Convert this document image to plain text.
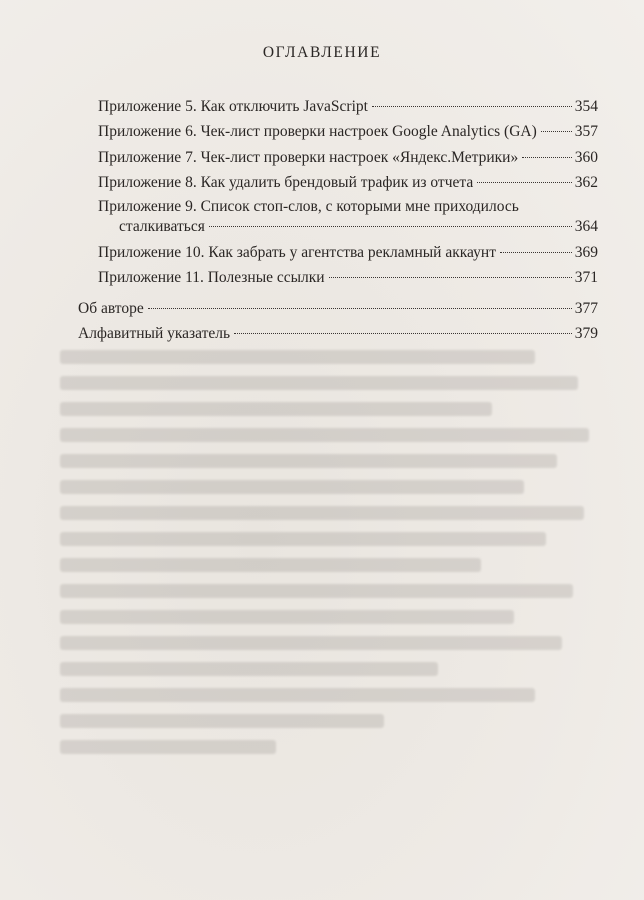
ОГЛАВЛЕНИЕ
Приложение 5. Как отключить JavaScript	354
Приложение 6. Чек-лист проверки настроек Google Analytics (GA) 357
Приложение 7. Чек-лист проверки настроек «Яндекс.Метрики»	360
Приложение 8. Как удалить брендовый трафик из отчета	362
Приложение 9. Список стоп-слов, с которыми мне приходилось
сталкиваться	364
Приложение 10. Как забрать у агентства рекламный аккаунт	369
Приложение 11. Полезные ссылки	371
Об авторе	377
Алфавитный указатель	379
